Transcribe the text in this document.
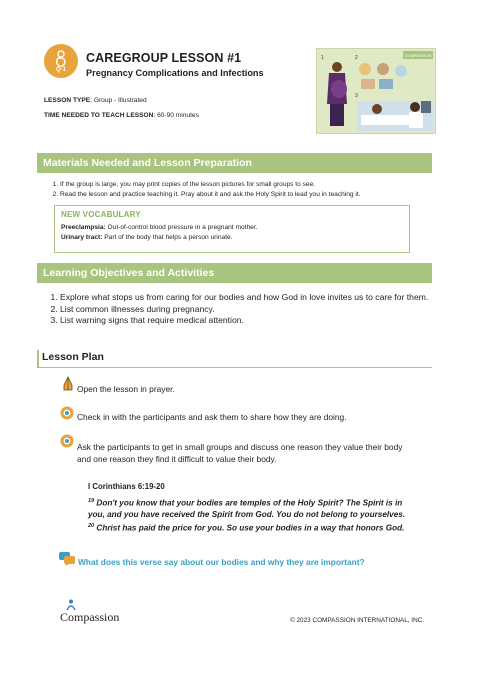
Q-1
CAREGROUP LESSON #1
Pregnancy Complications and Infections
LESSON TYPE: Group - Illustrated
TIME NEEDED TO TEACH LESSON: 60-90 minutes
COMPASSION
1	2
3
Materials Needed and Lesson Preparation
1. If the group is large, you may print copies of the lesson pictures for small groups to see.
2. Read the lesson and practice teaching it. Pray about it and ask the Holy Spirit to lead you in teaching it.
NEW VOCABULARY
Preeclampsia: Out-of-control blood pressure in a pregnant mother.
Urinary tract: Part of the body that helps a person urinate.
Learning Objectives and Activities
1. Explore what stops us from caring for our bodies and how God in love invites us to care for them.
2. List common illnesses during pregnancy.
3. List warning signs that require medical attention.
Lesson Plan
Open the lesson in prayer.
Check in with the participants and ask them to share how they are doing.
Ask the participants to get in small groups and discuss one reason they value their body and one reason they find it difficult to value their body.
I Corinthians 6:19-20
$^{19}$ Don't you know that your bodies are temples of the Holy Spirit? The Spirit is in you, and you have received the Spirit from God. You do not belong to yourselves. $^{20}$ Christ has paid the price for you. So use your bodies in a way that honors God.
What does this verse say about our bodies and why they are important?
Compassion	© 2023 COMPASSION INTERNATIONAL, INC.
